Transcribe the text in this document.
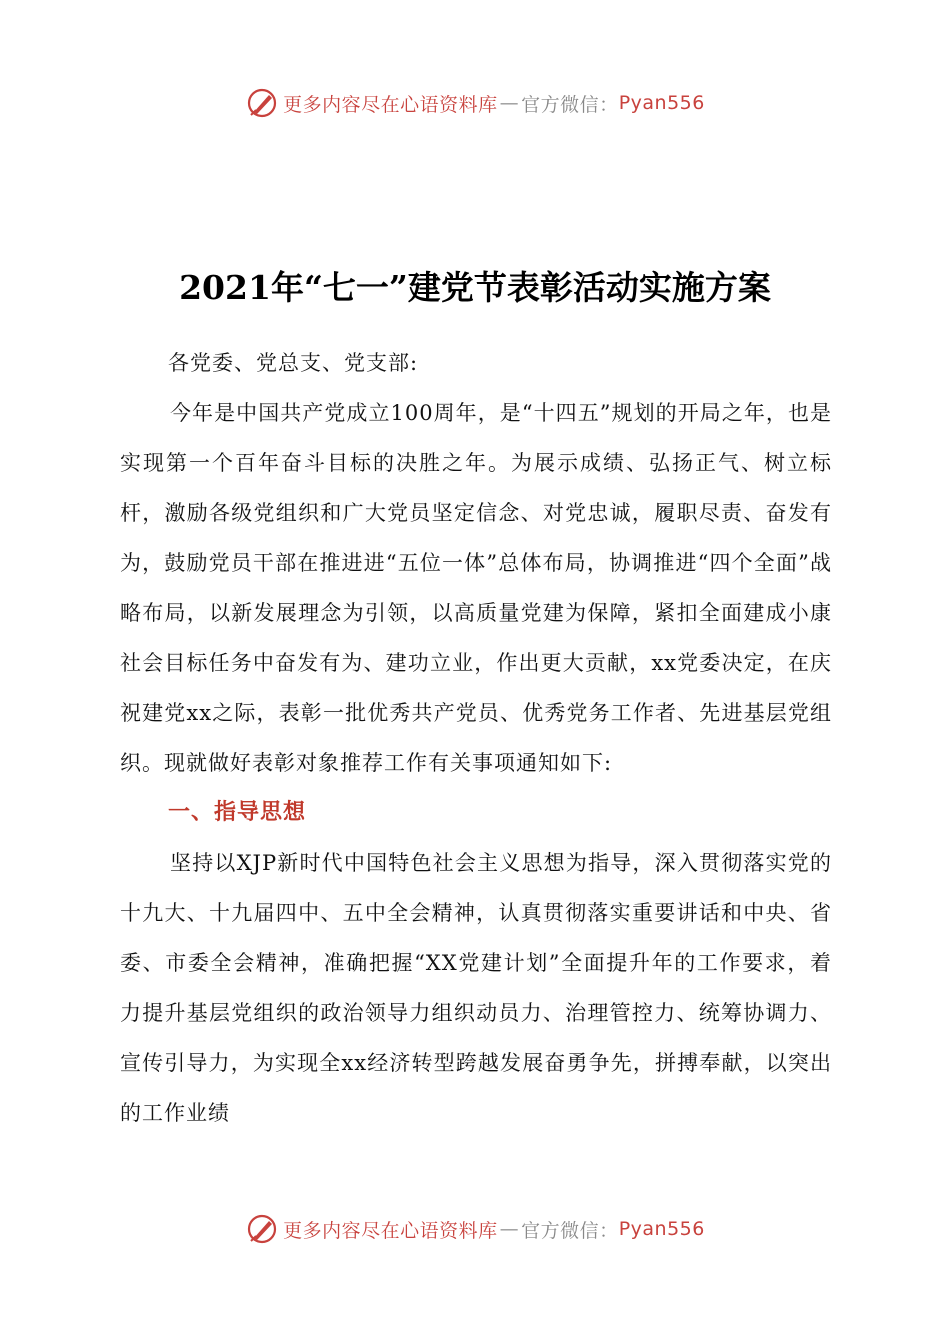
更多内容尽在心语资料库 — 官方微信： Pyan556
2021年“七一”建党节表彰活动实施方案

各党委、党总支、党支部:

今年是中国共产党成立100周年，是“十四五”规划的开局之年，也是实现第一个百年奋斗目标的决胜之年。为展示成绩、弘扬正气、树立标杆，激励各级党组织和广大党员坚定信念、对党忠诚，履职尽责、奋发有为，鼓励党员干部在推进进“五位一体”总体布局，协调推进“四个全面”战略布局，以新发展理念为引领，以高质量党建为保障，紧扣全面建成小康社会目标任务中奋发有为、建功立业，作出更大贡献，xx党委决定，在庆祝建党xx之际，表彰一批优秀共产党员、优秀党务工作者、先进基层党组织。现就做好表彰对象推荐工作有关事项通知如下:

一、指导思想

坚持以XJP新时代中国特色社会主义思想为指导，深入贯彻落实党的十九大、十九届四中、五中全会精神，认真贯彻落实重要讲话和中央、省委、市委全会精神，准确把握“XX党建计划”全面提升年的工作要求，着力提升基层党组织的政治领导力组织动员力、治理管控力、统筹协调力、宣传引导力，为实现全xx经济转型跨越发展奋勇争先，拼搏奉献，以突出的工作业绩

更多内容尽在心语资料库 — 官方微信： Pyan556
